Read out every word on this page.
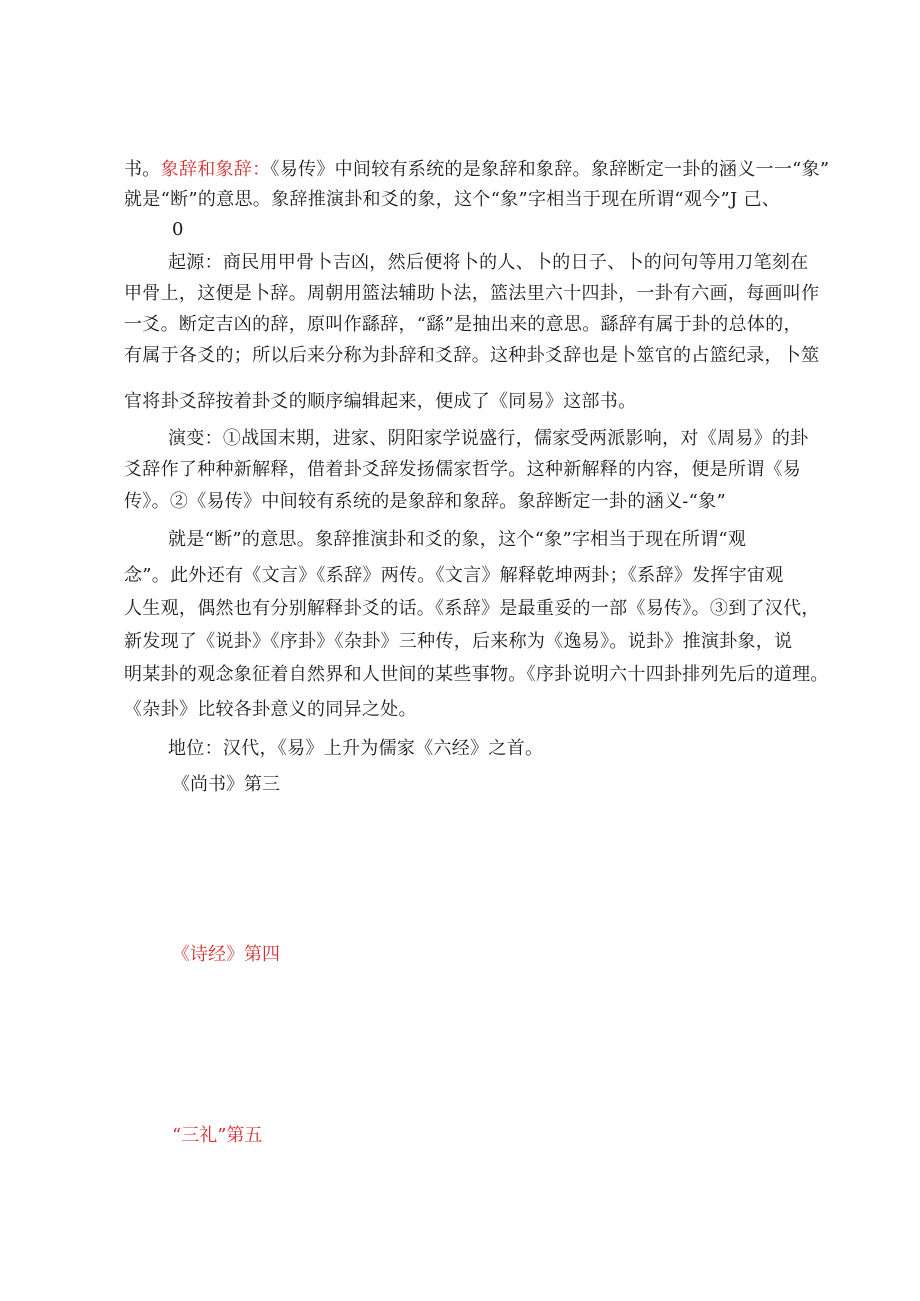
书。象辞和象辞：《易传》中间较有系统的是象辞和象辞。象辞断定一卦的涵义一一“象”
就是“断”的意思。象辞推演卦和爻的象，这个“象”字相当于现在所谓“观今”J 己、
0
起源：商民用甲骨卜吉凶，然后便将卜的人、卜的日子、卜的问句等用刀笔刻在
甲骨上，这便是卜辞。周朝用篮法辅助卜法，篮法里六十四卦，一卦有六画，每画叫作
一爻。断定吉凶的辞，原叫作繇辞，“繇”是抽出来的意思。繇辞有属于卦的总体的，
有属于各爻的；所以后来分称为卦辞和爻辞。这种卦爻辞也是卜筮官的占篮纪录，卜筮
官将卦爻辞按着卦爻的顺序编辑起来，便成了《同易》这部书。
演变：①战国末期，进家、阴阳家学说盛行，儒家受两派影响，对《周易》的卦
爻辞作了种种新解释，借着卦爻辞发扬儒家哲学。这种新解释的内容，便是所谓《易
传》。②《易传》中间较有系统的是象辞和象辞。象辞断定一卦的涵义-“象”
就是“断”的意思。象辞推演卦和爻的象，这个“象”字相当于现在所谓“观
念”。此外还有《文言》《系辞》两传。《文言》解释乾坤两卦；《系辞》发挥宇宙观
人生观，偶然也有分别解释卦爻的话。《系辞》是最重妥的一部《易传》。③到了汉代，
新发现了《说卦》《序卦》《杂卦》三种传，后来称为《逸易》。说卦》推演卦象，说
明某卦的观念象征着自然界和人世间的某些事物。《序卦说明六十四卦排列先后的道理。
《杂卦》比较各卦意义的同异之处。
地位：汉代，《易》上升为儒家《六经》之首。
《尚书》第三
《诗经》第四
“三礼”第五
